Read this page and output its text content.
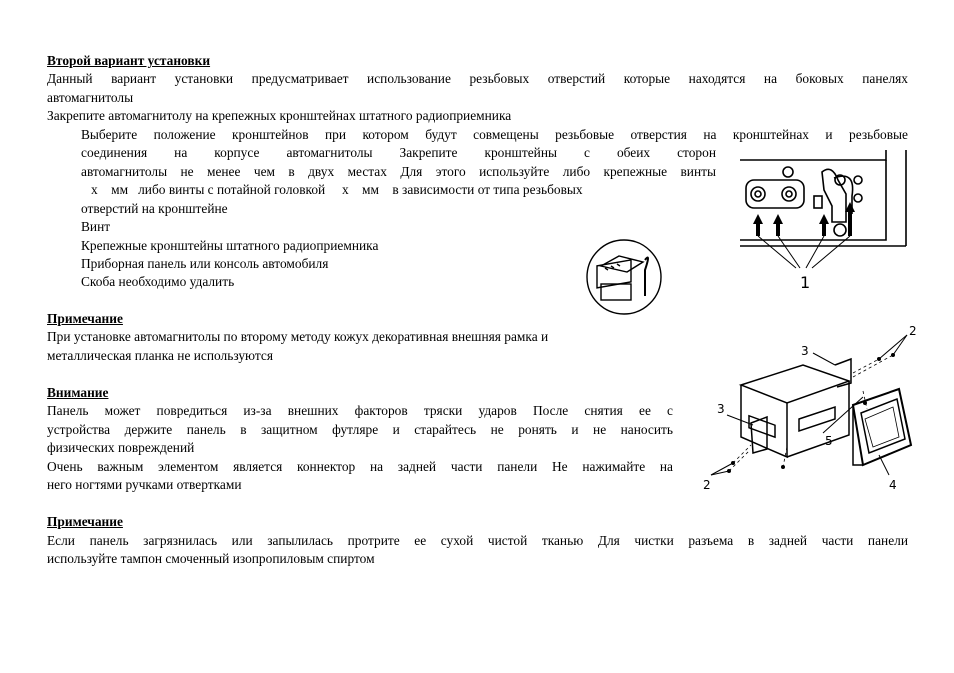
Второй вариант установки
Данный вариант установки предусматривает использование резьбовых отверстий которые находятся на боковых панелях
автомагнитолы
Закрепите автомагнитолу на крепежных кронштейнах штатного радиоприемника
Выберите положение кронштейнов при котором будут совмещены резьбовые отверстия на кронштейнах и резьбовые
соединения на корпусе автомагнитолы Закрепите кронштейны с обеих сторон
автомагнитолы не менее чем в двух местах Для этого используйте либо крепежные винты
х    мм   либо винты с потайной головкой     х    мм    в зависимости от типа резьбовых
отверстий на кронштейне
Винт
Крепежные кронштейны штатного радиоприемника
Приборная панель или консоль автомобиля
Скоба необходимо удалить
Примечание
При установке автомагнитолы по второму методу кожух декоративная внешняя рамка и
металлическая планка не используются
Внимание
Панель может повредиться из-за внешних факторов тряски ударов После снятия ее с
устройства держите панель в защитном футляре и старайтесь не ронять и не наносить
физических повреждений
Очень важным элементом является коннектор на задней части панели Не нажимайте на
него ногтями ручками отвертками
Примечание
Если панель загрязнилась или запылилась протрите ее сухой чистой тканью Для чистки разъема в задней части панели
используйте тампон смоченный изопропиловым спиртом
1
2
3
3
5
2	4
